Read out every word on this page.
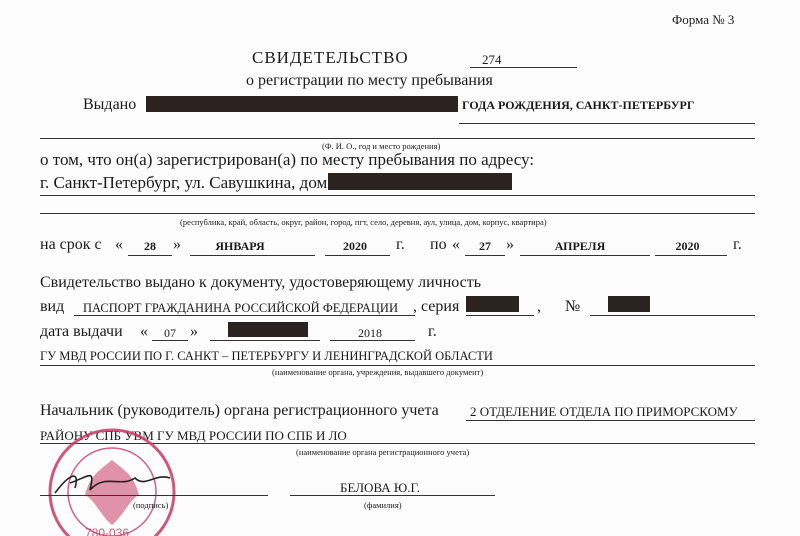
Форма № 3
СВИДЕТЕЛЬСТВО	274
о регистрации по месту пребывания
Выдано	ГОДА РОЖДЕНИЯ, САНКТ-ПЕТЕРБУРГ
(Ф. И. О., год и место рождения)
о том, что он(а) зарегистрирован(а) по месту пребывания по адресу:
г. Санкт-Петербург, ул. Савушкина, дом
(республика, край, область, округ, район, город, пгт, село, деревня, аул, улица, дом, корпус, квартира)
на срок с «	28	»	ЯНВАРЯ	2020	г. по «	27 »	АПРЕЛЯ	2020	г.
Свидетельство выдано к документу, удостоверяющему личность
вид ПАСПОРТ ГРАЖДАНИНА РОССИЙСКОЙ ФЕДЕРАЦИИ , серия	, №
дата выдачи «	07 »	2018	г.
ГУ МВД РОССИИ ПО Г. САНКТ – ПЕТЕРБУРГУ И ЛЕНИНГРАДСКОЙ ОБЛАСТИ
(наименование органа, учреждения, выдавшего документ)
Начальник (руководитель) органа регистрационного учета 2 ОТДЕЛЕНИЕ ОТДЕЛА ПО ПРИМОРСКОМУ
РАЙОНУ СПБ УВМ ГУ МВД РОССИИ ПО СПБ И ЛО
(наименование органа регистрационного учета)
780-036
(подпись)
БЕЛОВА Ю.Г.
(фамилия)
